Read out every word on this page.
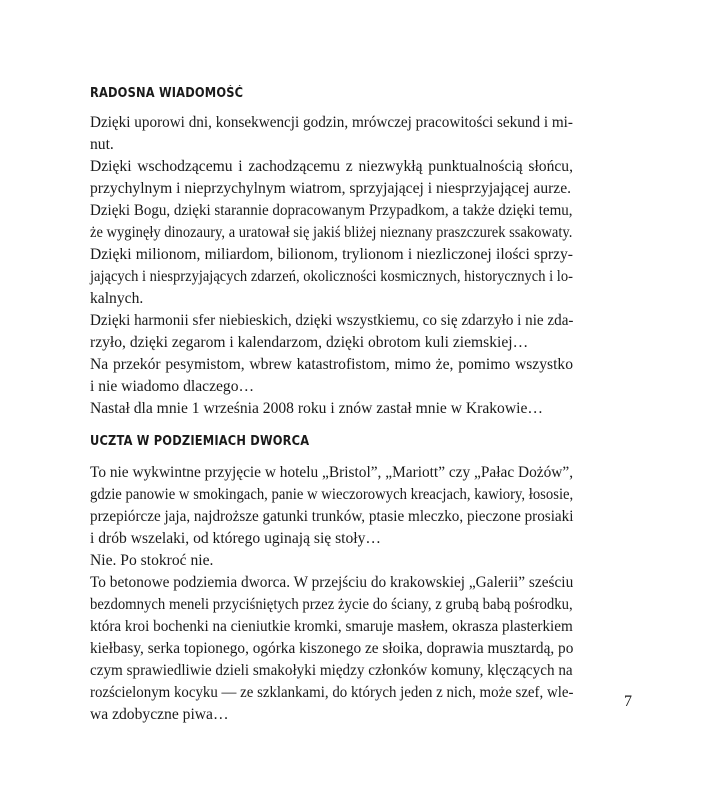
RADOSNA WIADOMOŚĆ
Dzięki uporowi dni, konsekwencji godzin, mrówczej pracowitości sekund i mi-
nut.
Dzięki wschodzącemu i zachodzącemu z niezwykłą punktualnością słońcu,
przychylnym i nieprzychylnym wiatrom, sprzyjającej i niesprzyjającej aurze.
Dzięki Bogu, dzięki starannie dopracowanym Przypadkom, a także dzięki temu,
że wyginęły dinozaury, a uratował się jakiś bliżej nieznany praszczurek ssakowaty.
Dzięki milionom, miliardom, bilionom, trylionom i niezliczonej ilości sprzy-
jających i niesprzyjających zdarzeń, okoliczności kosmicznych, historycznych i lo-
kalnych.
Dzięki harmonii sfer niebieskich, dzięki wszystkiemu, co się zdarzyło i nie zda-
rzyło, dzięki zegarom i kalendarzom, dzięki obrotom kuli ziemskiej…
Na przekór pesymistom, wbrew katastrofistom, mimo że, pomimo wszystko
i nie wiadomo dlaczego…
Nastał dla mnie 1 września 2008 roku i znów zastał mnie w Krakowie…
UCZTA W PODZIEMIACH DWORCA
To nie wykwintne przyjęcie w hotelu „Bristol”, „Mariott” czy „Pałac Dożów”,
gdzie panowie w smokingach, panie w wieczorowych kreacjach, kawiory, łososie,
przepiórcze jaja, najdroższe gatunki trunków, ptasie mleczko, pieczone prosiaki
i drób wszelaki, od którego uginają się stoły…
Nie. Po stokroć nie.
To betonowe podziemia dworca. W przejściu do krakowskiej „Galerii” sześciu
bezdomnych meneli przyciśniętych przez życie do ściany, z grubą babą pośrodku,
która kroi bochenki na cieniutkie kromki, smaruje masłem, okrasza plasterkiem
kiełbasy, serka topionego, ogórka kiszonego ze słoika, doprawia musztardą, po
czym sprawiedliwie dzieli smakołyki między członków komuny, klęczących na
rozścielonym kocyku — ze szklankami, do których jeden z nich, może szef, wle-
wa zdobyczne piwa…
7
